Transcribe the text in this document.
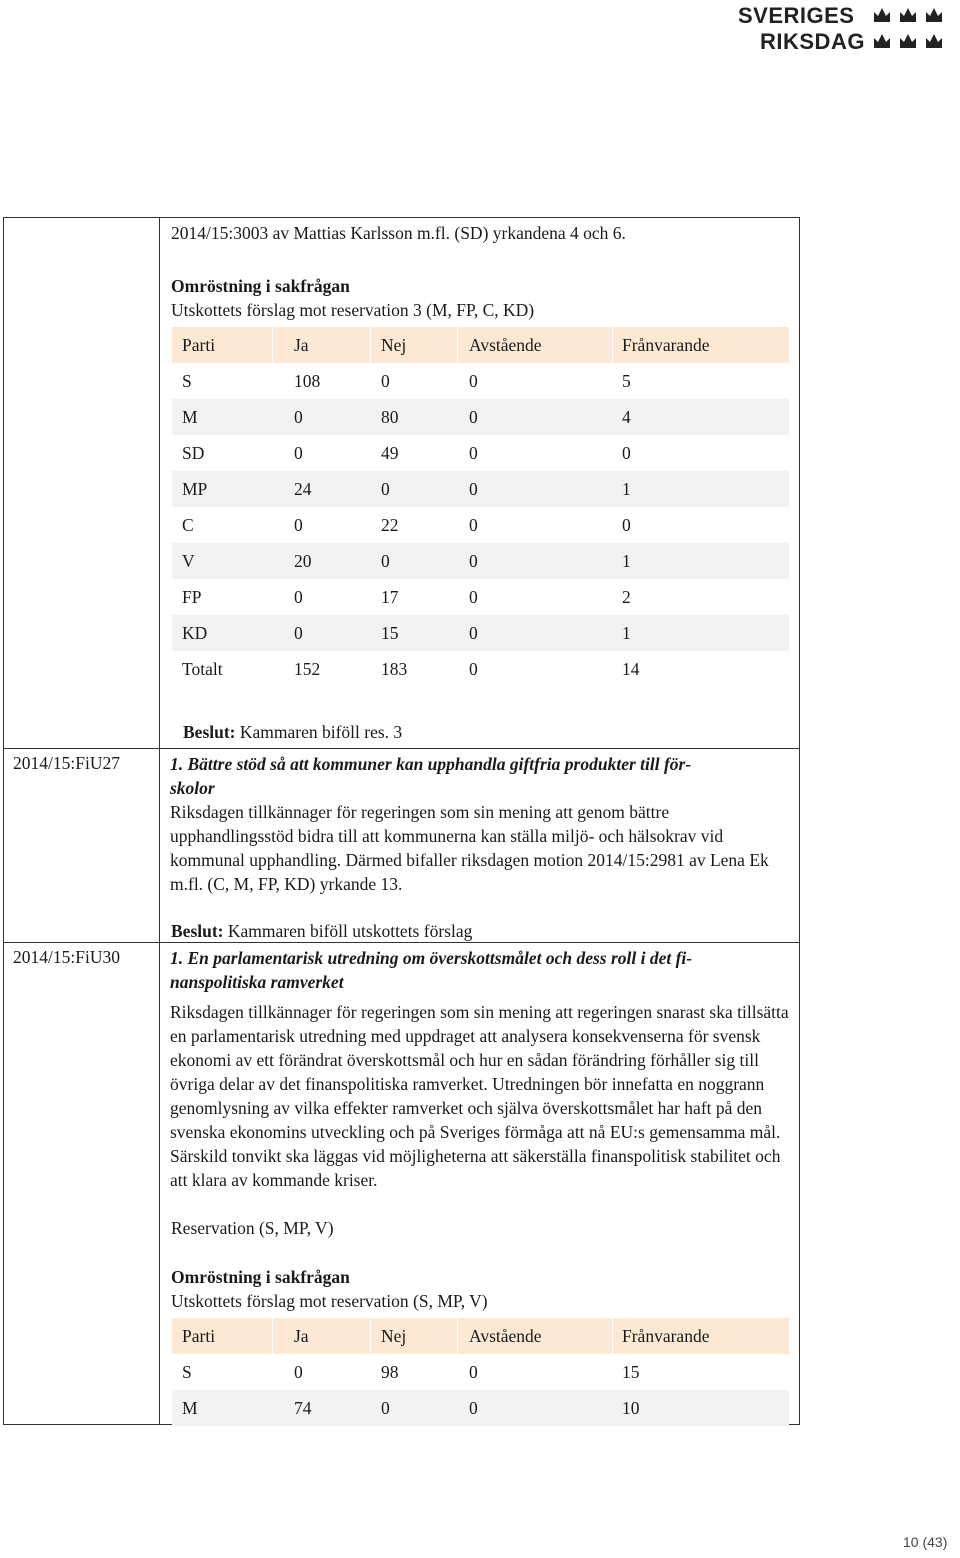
SVERIGES
RIKSDAG
2014/15:3003 av Mattias Karlsson m.fl. (SD) yrkandena 4 och 6.
Omröstning i sakfrågan
Utskottets förslag mot reservation 3 (M, FP, C, KD)
Parti	Ja	Nej	Avstående	Frånvarande
S	108	0	0	5
M	0	80	0	4
SD	0	49	0	0
MP	24	0	0	1
C	0	22	0	0
V	20	0	0	1
FP	0	17	0	2
KD	0	15	0	1
Totalt	152	183	0	14
Beslut: Kammaren biföll res. 3
2014/15:FiU27	1. Bättre stöd så att kommuner kan upphandla giftfria produkter till för-
skolor
Riksdagen tillkännager för regeringen som sin mening att genom bättre upphandlingsstöd bidra till att kommunerna kan ställa miljö- och hälsokrav vid kommunal upphandling. Därmed bifaller riksdagen motion 2014/15:2981 av Lena Ek m.fl. (C, M, FP, KD) yrkande 13.
Beslut: Kammaren biföll utskottets förslag
2014/15:FiU30	1. En parlamentarisk utredning om överskottsmålet och dess roll i det fi-
nanspolitiska ramverket
Riksdagen tillkännager för regeringen som sin mening att regeringen snarast ska tillsätta en parlamentarisk utredning med uppdraget att analysera konsekvenserna för svensk ekonomi av ett förändrat överskottsmål och hur en sådan förändring förhåller sig till övriga delar av det finanspolitiska ramverket. Utredningen bör innefatta en noggrann genomlysning av vilka effekter ramverket och själva överskottsmålet har haft på den svenska ekonomins utveckling och på Sveriges förmåga att nå EU:s gemensamma mål. Särskild tonvikt ska läggas vid möjligheterna att säkerställa finanspolitisk stabilitet och att klara av kommande kriser.
Reservation (S, MP, V)
Omröstning i sakfrågan
Utskottets förslag mot reservation (S, MP, V)
Parti	Ja	Nej	Avstående	Frånvarande
S	0	98	0	15
M	74	0	0	10
10 (43)
